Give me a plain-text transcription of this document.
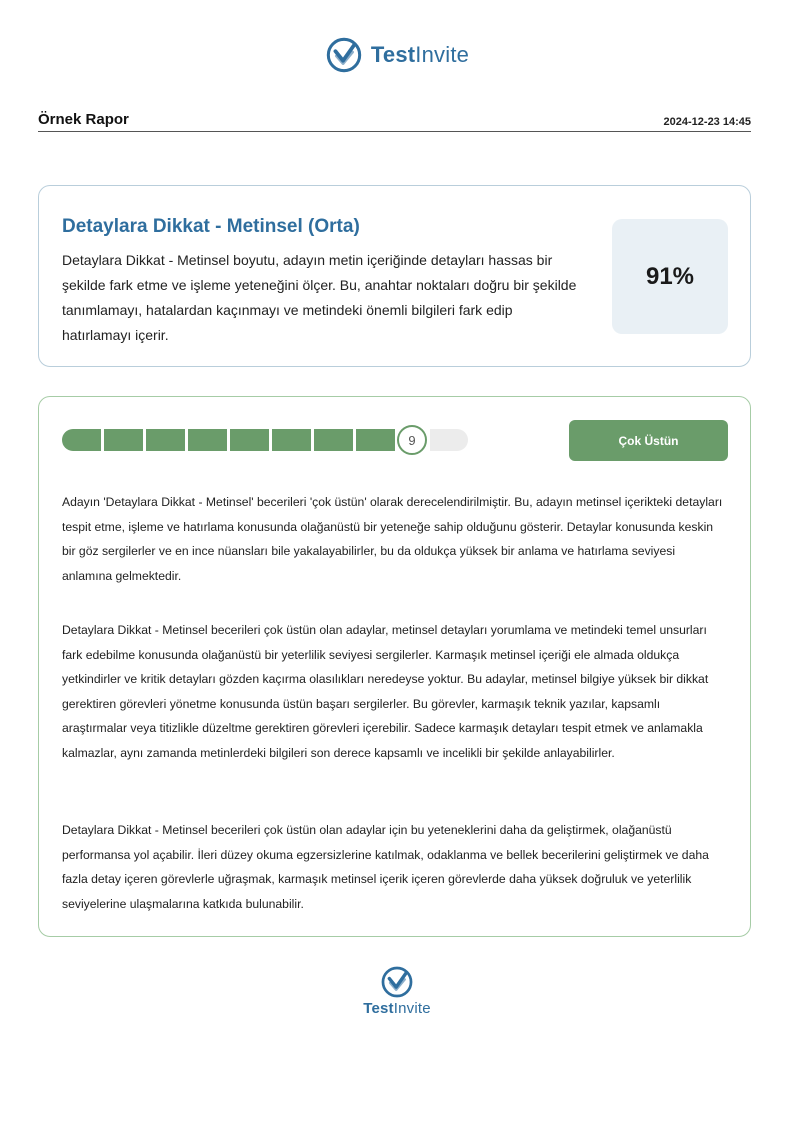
TestInvite
Örnek Rapor	2024-12-23 14:45
Detaylara Dikkat - Metinsel (Orta)
Detaylara Dikkat - Metinsel boyutu, adayın metin içeriğinde detayları hassas bir şekilde fark etme ve işleme yeteneğini ölçer. Bu, anahtar noktaları doğru bir şekilde tanımlamayı, hatalardan kaçınmayı ve metindeki önemli bilgileri fark edip hatırlamayı içerir.
91%
9	Çok Üstün

Adayın 'Detaylara Dikkat - Metinsel' becerileri 'çok üstün' olarak derecelendirilmiştir. Bu, adayın metinsel içerikteki detayları tespit etme, işleme ve hatırlama konusunda olağanüstü bir yeteneğe sahip olduğunu gösterir. Detaylar konusunda keskin bir göz sergilerler ve en ince nüansları bile yakalayabilirler, bu da oldukça yüksek bir anlama ve hatırlama seviyesi anlamına gelmektedir.

Detaylara Dikkat - Metinsel becerileri çok üstün olan adaylar, metinsel detayları yorumlama ve metindeki temel unsurları fark edebilme konusunda olağanüstü bir yeterlilik seviyesi sergilerler. Karmaşık metinsel içeriği ele almada oldukça yetkindirler ve kritik detayları gözden kaçırma olasılıkları neredeyse yoktur. Bu adaylar, metinsel bilgiye yüksek bir dikkat gerektiren görevleri yönetme konusunda üstün başarı sergilerler. Bu görevler, karmaşık teknik yazılar, kapsamlı araştırmalar veya titizlikle düzeltme gerektiren görevleri içerebilir. Sadece karmaşık detayları tespit etmek ve anlamakla kalmazlar, aynı zamanda metinlerdeki bilgileri son derece kapsamlı ve incelikli bir şekilde anlayabilirler.

Detaylara Dikkat - Metinsel becerileri çok üstün olan adaylar için bu yeteneklerini daha da geliştirmek, olağanüstü performansa yol açabilir. İleri düzey okuma egzersizlerine katılmak, odaklanma ve bellek becerilerini geliştirmek ve daha fazla detay içeren görevlerle uğraşmak, karmaşık metinsel içerik içeren görevlerde daha yüksek doğruluk ve yeterlilik seviyelerine ulaşmalarına katkıda bulunabilir.

TestInvite
